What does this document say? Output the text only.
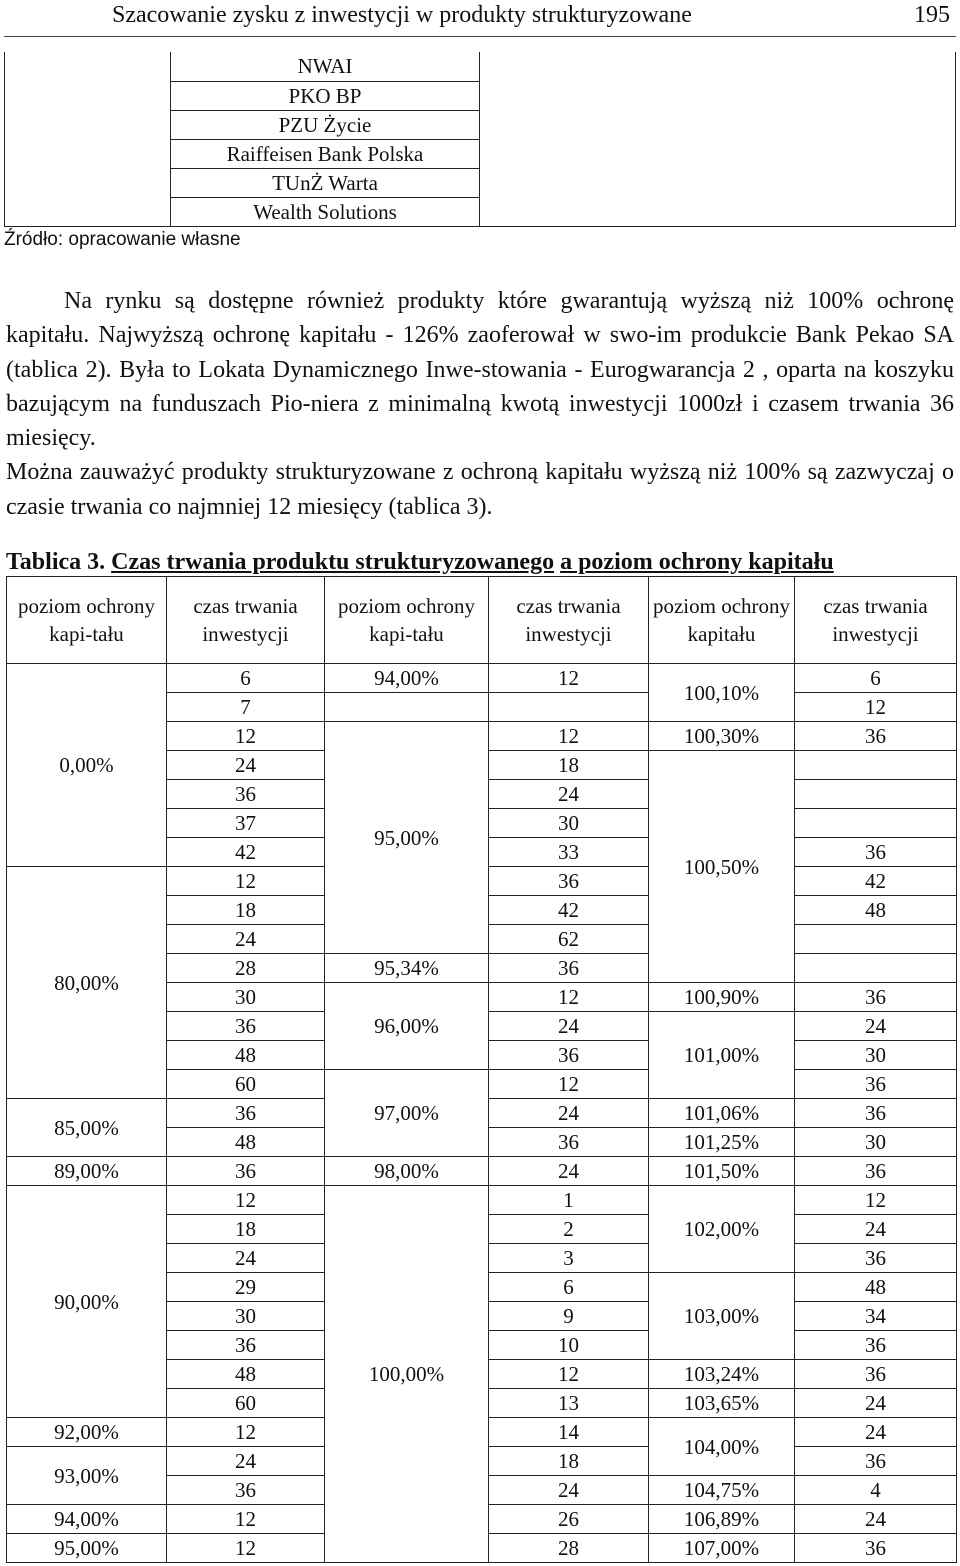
Szacowanie zysku z inwestycji w produkty strukturyzowane	195
NWAI
PKO BP
PZU Życie
Raiffeisen Bank Polska
TUnŻ Warta
Wealth Solutions
Źródło: opracowanie własne

Na rynku są dostępne również produkty które gwarantują wyższą niż 100% ochronę kapitału. Najwyższą ochronę kapitału - 126% zaoferował w swo-im produkcie Bank Pekao SA (tablica 2). Była to Lokata Dynamicznego Inwe-stowania - Eurogwarancja 2 , oparta na koszyku bazującym na funduszach Pio-niera z minimalną kwotą inwestycji 1000zł i czasem trwania 36 miesięcy.

Można zauważyć produkty strukturyzowane z ochroną kapitału wyższą niż 100% są zazwyczaj o czasie trwania co najmniej 12 miesięcy (tablica 3).

Tablica 3. Czas trwania produktu strukturyzowanego a poziom ochrony kapitału
poziom ochrony kapi-tału	czas trwania inwestycji	poziom ochrony kapi-tału	czas trwania inwestycji	poziom ochrony kapitału	czas trwania inwestycji
0,00%	6	94,00%	12	100,10%	6
	7				12
	12	95,00%	12	100,30%	36
	24		18	100,50%	
	36		24		
	37		30		
	42		33		36
80,00%	12		36		42
	18		42		48
	24		62		
	28	95,34%	36		
	30	96,00%	12	100,90%	36
	36		24	101,00%	24
	48		36		30
	60	97,00%	12		36
85,00%	36		24	101,06%	36
	48		36	101,25%	30
89,00%	36	98,00%	24	101,50%	36
90,00%	12	100,00%	1	102,00%	12
	18		2		24
	24		3		36
	29		6	103,00%	48
	30		9		34
	36		10		36
	48		12	103,24%	36
	60		13	103,65%	24
92,00%	12		14	104,00%	24
93,00%	24		18		36
	36		24	104,75%	4
94,00%	12		26	106,89%	24
95,00%	12		28	107,00%	36
